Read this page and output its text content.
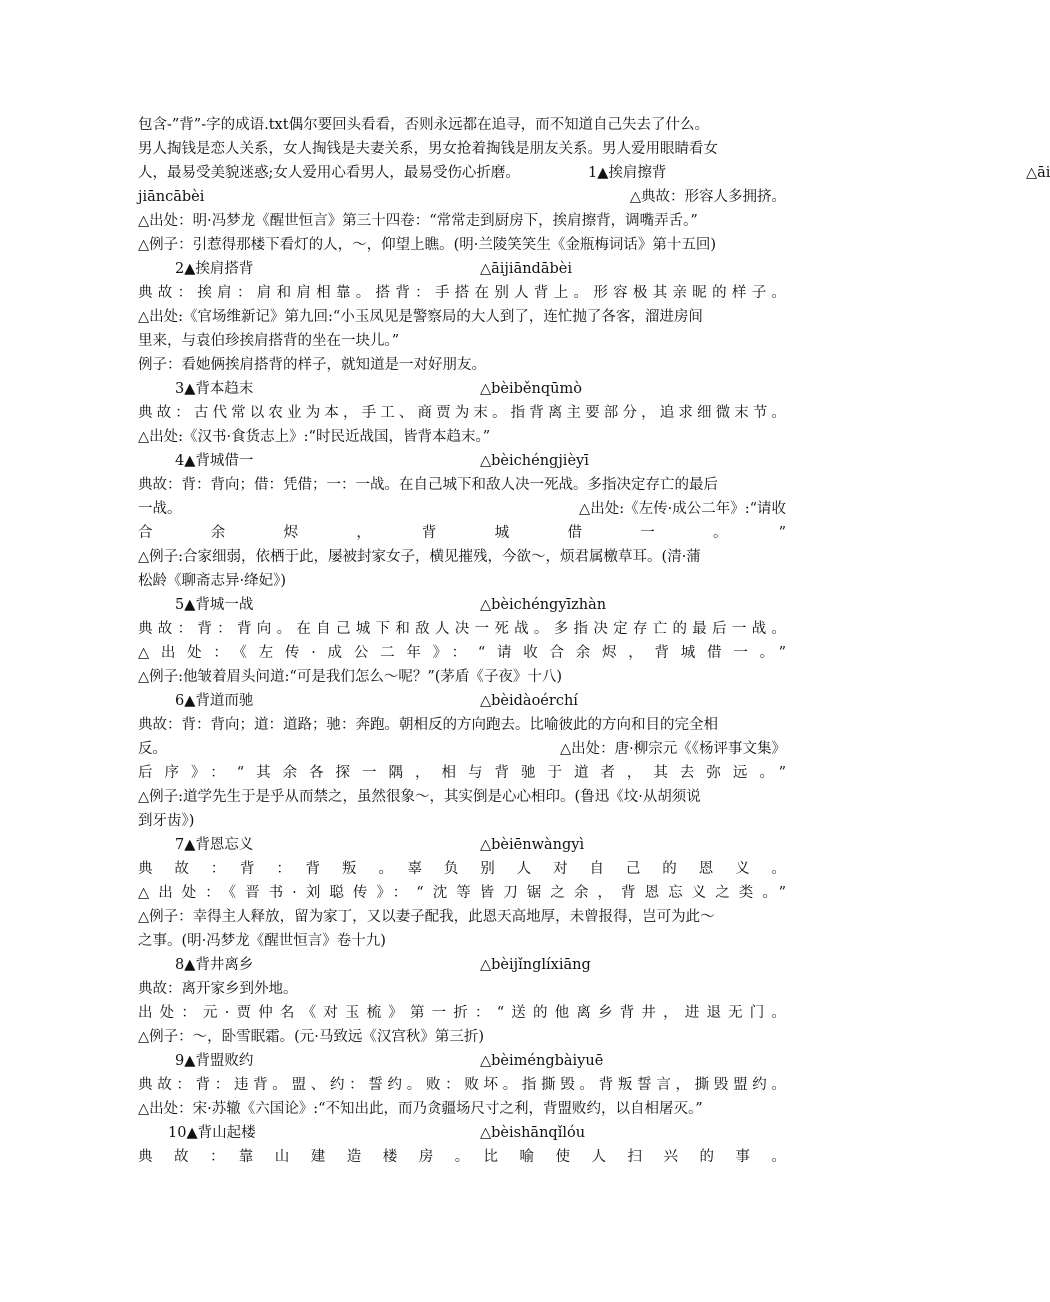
包含-”背”-字的成语.txt偶尔要回头看看，否则永远都在追寻，而不知道自己失去了什么。
男人掏钱是恋人关系，女人掏钱是夫妻关系，男女抢着掏钱是朋友关系。男人爱用眼睛看女
人，最易受美貌迷惑;女人爱用心看男人，最易受伤心折磨。	1▲挨肩擦背	△āi
jiāncābèi	△典故：形容人多拥挤。
△出处：明·冯梦龙《醒世恒言》第三十四卷：“常常走到厨房下，挨肩擦背，调嘴弄舌。”
△例子：引惹得那楼下看灯的人，～，仰望上瞧。(明·兰陵笑笑生《金瓶梅词话》第十五回)
2▲挨肩搭背	△āijiāndābèi
典故：挨肩：肩和肩相靠。搭背：手搭在别人背上。形容极其亲昵的样子。
△出处:《官场维新记》第九回:“小玉凤见是警察局的大人到了，连忙抛了各客，溜进房间
里来，与袁伯珍挨肩搭背的坐在一块儿。”
例子：看她俩挨肩搭背的样子，就知道是一对好朋友。
3▲背本趋末	△bèiběnqūmò
典故：古代常以农业为本，手工、商贾为末。指背离主要部分，追求细微末节。
△出处:《汉书·食货志上》:“时民近战国，皆背本趋末。”
4▲背城借一	△bèichéngjièyī
典故：背：背向；借：凭借；一：一战。在自己城下和敌人决一死战。多指决定存亡的最后
一战。	△出处:《左传·成公二年》:“请收
合　余　烬　，　背　城　借　一　。　”
△例子:合家细弱，依栖于此，屡被封家女子，横见摧残，今欲～，烦君属檄草耳。(清·蒲
松龄《聊斋志异·绛妃》)
5▲背城一战	△bèichéngyīzhàn
典故：背：背向。在自己城下和敌人决一死战。多指决定存亡的最后一战。
△出处：《左传·成公二年》：“请收合余烬，背城借一。”
△例子:他皱着眉头问道:“可是我们怎么～呢？”(茅盾《子夜》十八)
6▲背道而驰	△bèidàoérchí
典故：背：背向；道：道路；驰：奔跑。朝相反的方向跑去。比喻彼此的方向和目的完全相
反。	△出处：唐·柳宗元《《杨评事文集》
后序》：“其余各探一隅，相与背驰于道者，其去弥远。”
△例子:道学先生于是乎从而禁之，虽然很象～，其实倒是心心相印。(鲁迅《坟·从胡须说
到牙齿》)
7▲背恩忘义	△bèiēnwàngyì
典　故　：　背　：　背　叛　。　辜　负　别　人　对　自　己　的　恩　义　。
△出处：《晋书·刘聪传》：“沈等皆刀锯之余，背恩忘义之类。”
△例子：幸得主人释放，留为家丁，又以妻子配我，此恩天高地厚，未曾报得，岂可为此～
之事。(明·冯梦龙《醒世恒言》卷十九)
8▲背井离乡	△bèijǐnglíxiāng
典故：离开家乡到外地。
出处：元·贾仲名《对玉梳》第一折：“送的他离乡背井，进退无门。
△例子：～，卧雪眠霜。(元·马致远《汉宫秋》第三折)
9▲背盟败约	△bèiméngbàiyuē
典故：背：违背。盟、约：誓约。败：败坏。指撕毁。背叛誓言，撕毁盟约。
△出处：宋·苏辙《六国论》:“不知出此，而乃贪疆场尺寸之利，背盟败约，以自相屠灭。”
10▲背山起楼	△bèishānqǐlóu
典　故　：　靠　山　建　造　楼　房　。　比　喻　使　人　扫　兴　的　事　。
